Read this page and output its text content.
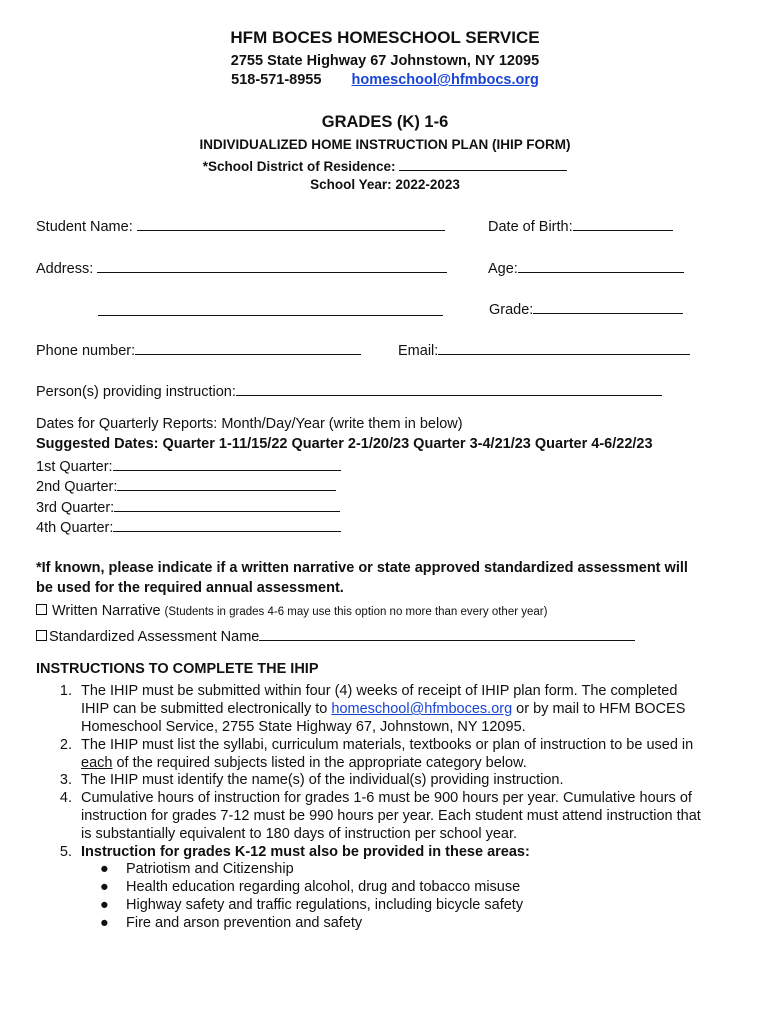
HFM BOCES HOMESCHOOL SERVICE
2755 State Highway 67 Johnstown, NY 12095
518-571-8955 homeschool@hfmbocs.org
GRADES (K) 1-6
INDIVIDUALIZED HOME INSTRUCTION PLAN (IHIP FORM)
*School District of Residence:
School Year: 2022-2023
Student Name:	Date of Birth:
Address:	Age:
Grade:
Phone number:	Email:
Person(s) providing instruction:
Dates for Quarterly Reports: Month/Day/Year (write them in below)
Suggested Dates: Quarter 1-11/15/22 Quarter 2-1/20/23 Quarter 3-4/21/23 Quarter 4-6/22/23
1st Quarter:
2nd Quarter:
3rd Quarter:
4th Quarter:
*If known, please indicate if a written narrative or state approved standardized assessment will
be used for the required annual assessment.
Written Narrative (Students in grades 4-6 may use this option no more than every other year)
Standardized Assessment Name
INSTRUCTIONS TO COMPLETE THE IHIP
1. The IHIP must be submitted within four (4) weeks of receipt of IHIP plan form. The completed
IHIP can be submitted electronically to homeschool@hfmboces.org or by mail to HFM BOCES
Homeschool Service, 2755 State Highway 67, Johnstown, NY 12095.
2. The IHIP must list the syllabi, curriculum materials, textbooks or plan of instruction to be used in
each of the required subjects listed in the appropriate category below.
3. The IHIP must identify the name(s) of the individual(s) providing instruction.
4. Cumulative hours of instruction for grades 1-6 must be 900 hours per year. Cumulative hours of
instruction for grades 7-12 must be 990 hours per year. Each student must attend instruction that
is substantially equivalent to 180 days of instruction per school year.
5. Instruction for grades K-12 must also be provided in these areas:
● Patriotism and Citizenship
● Health education regarding alcohol, drug and tobacco misuse
● Highway safety and traffic regulations, including bicycle safety
● Fire and arson prevention and safety
